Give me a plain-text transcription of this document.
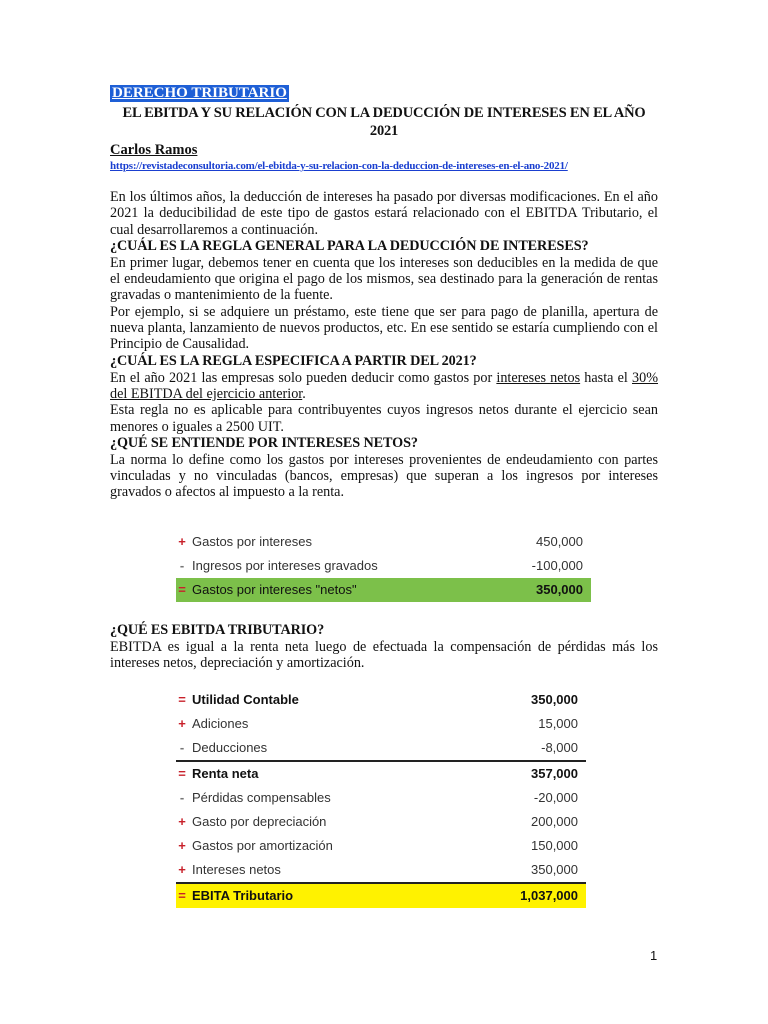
DERECHO TRIBUTARIO
EL EBITDA Y SU RELACIÓN CON LA DEDUCCIÓN DE INTERESES EN EL AÑO
2021
Carlos Ramos
https://revistadeconsultoria.com/el-ebitda-y-su-relacion-con-la-deduccion-de-intereses-en-el-ano-2021/

En los últimos años, la deducción de intereses ha pasado por diversas modificaciones. En el año 2021 la deducibilidad de este tipo de gastos estará relacionado con el EBITDA Tributario, el cual desarrollaremos a continuación.

¿CUÁL ES LA REGLA GENERAL PARA LA DEDUCCIÓN DE INTERESES?

En primer lugar, debemos tener en cuenta que los intereses son deducibles en la medida de que el endeudamiento que origina el pago de los mismos, sea destinado para la generación de rentas gravadas o mantenimiento de la fuente.

Por ejemplo, si se adquiere un préstamo, este tiene que ser para pago de planilla, apertura de nueva planta, lanzamiento de nuevos productos, etc. En ese sentido se estaría cumpliendo con el Principio de Causalidad.

¿CUÁL ES LA REGLA ESPECIFICA A PARTIR DEL 2021?

En el año 2021 las empresas solo pueden deducir como gastos por intereses netos hasta el 30% del EBITDA del ejercicio anterior.

Esta regla no es aplicable para contribuyentes cuyos ingresos netos durante el ejercicio sean menores o iguales a 2500 UIT.

¿QUÉ SE ENTIENDE POR INTERESES NETOS?

La norma lo define como los gastos por intereses provenientes de endeudamiento con partes vinculadas y no vinculadas (bancos, empresas) que superan a los ingresos por intereses gravados o afectos al impuesto a la renta.

+ Gastos por intereses	450,000
- Ingresos por intereses gravados	-100,000
= Gastos por intereses "netos"	350,000
¿QUÉ ES EBITDA TRIBUTARIO?

EBITDA es igual a la renta neta luego de efectuada la compensación de pérdidas más los intereses netos, depreciación y amortización.

= Utilidad Contable	350,000
+ Adiciones	15,000
- Deducciones	-8,000
= Renta neta	357,000
- Pérdidas compensables	-20,000
+ Gasto por depreciación	200,000
+ Gastos por amortización	150,000
+ Intereses netos	350,000
= EBITA Tributario	1,037,000
1
